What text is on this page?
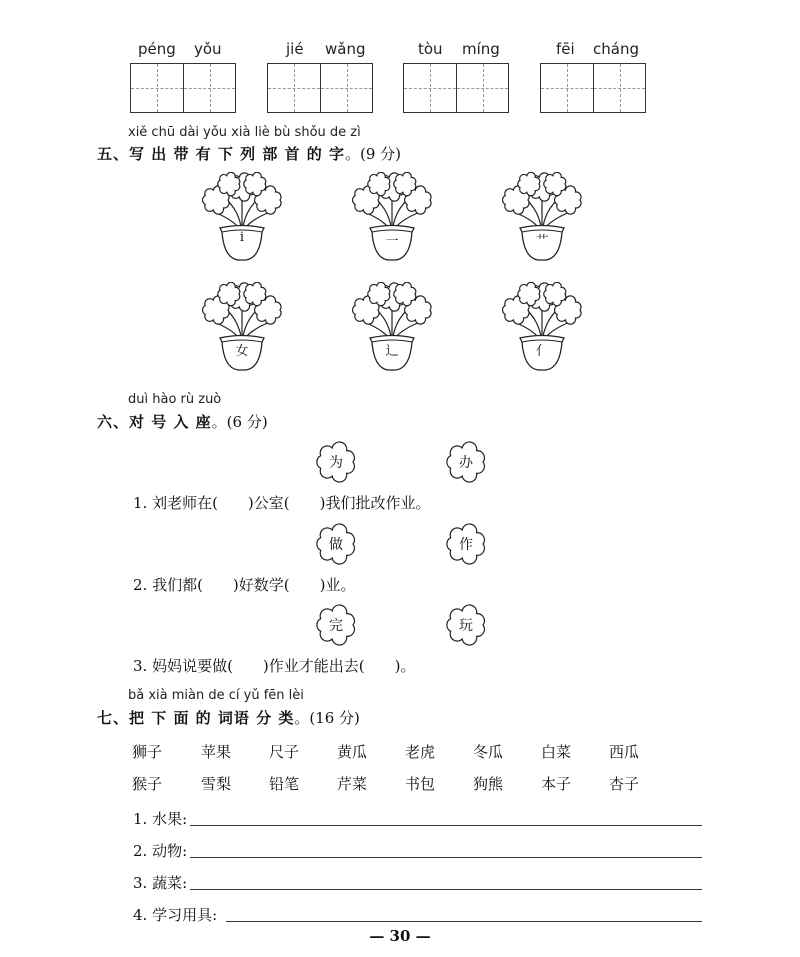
péng yǒu	jié wǎng	tòu míng	fēi cháng
xiě chū dài yǒu xià liè bù shǒu de zì
五、写 出 带 有 下 列 部 首 的 字。(9 分)
i	一	艹
女	辶	亻
duì hào rù zuò
六、对 号 入 座。(6 分)
为	办
1. 刘老师在(　　)公室(　　)我们批改作业。
做	作
2. 我们都(　　)好数学(　　)业。
完	玩
3. 妈妈说要做(　　)作业才能出去(　　)。
bǎ xià miàn de cí yǔ fēn lèi
七、把 下 面 的 词语 分 类。(16 分)
狮子	苹果	尺子	黄瓜	老虎	冬瓜	白菜	西瓜
猴子	雪梨	铅笔	芹菜	书包	狗熊	本子	杏子
1. 水果:
2. 动物:
3. 蔬菜:
4. 学习用具:
— 30 —
